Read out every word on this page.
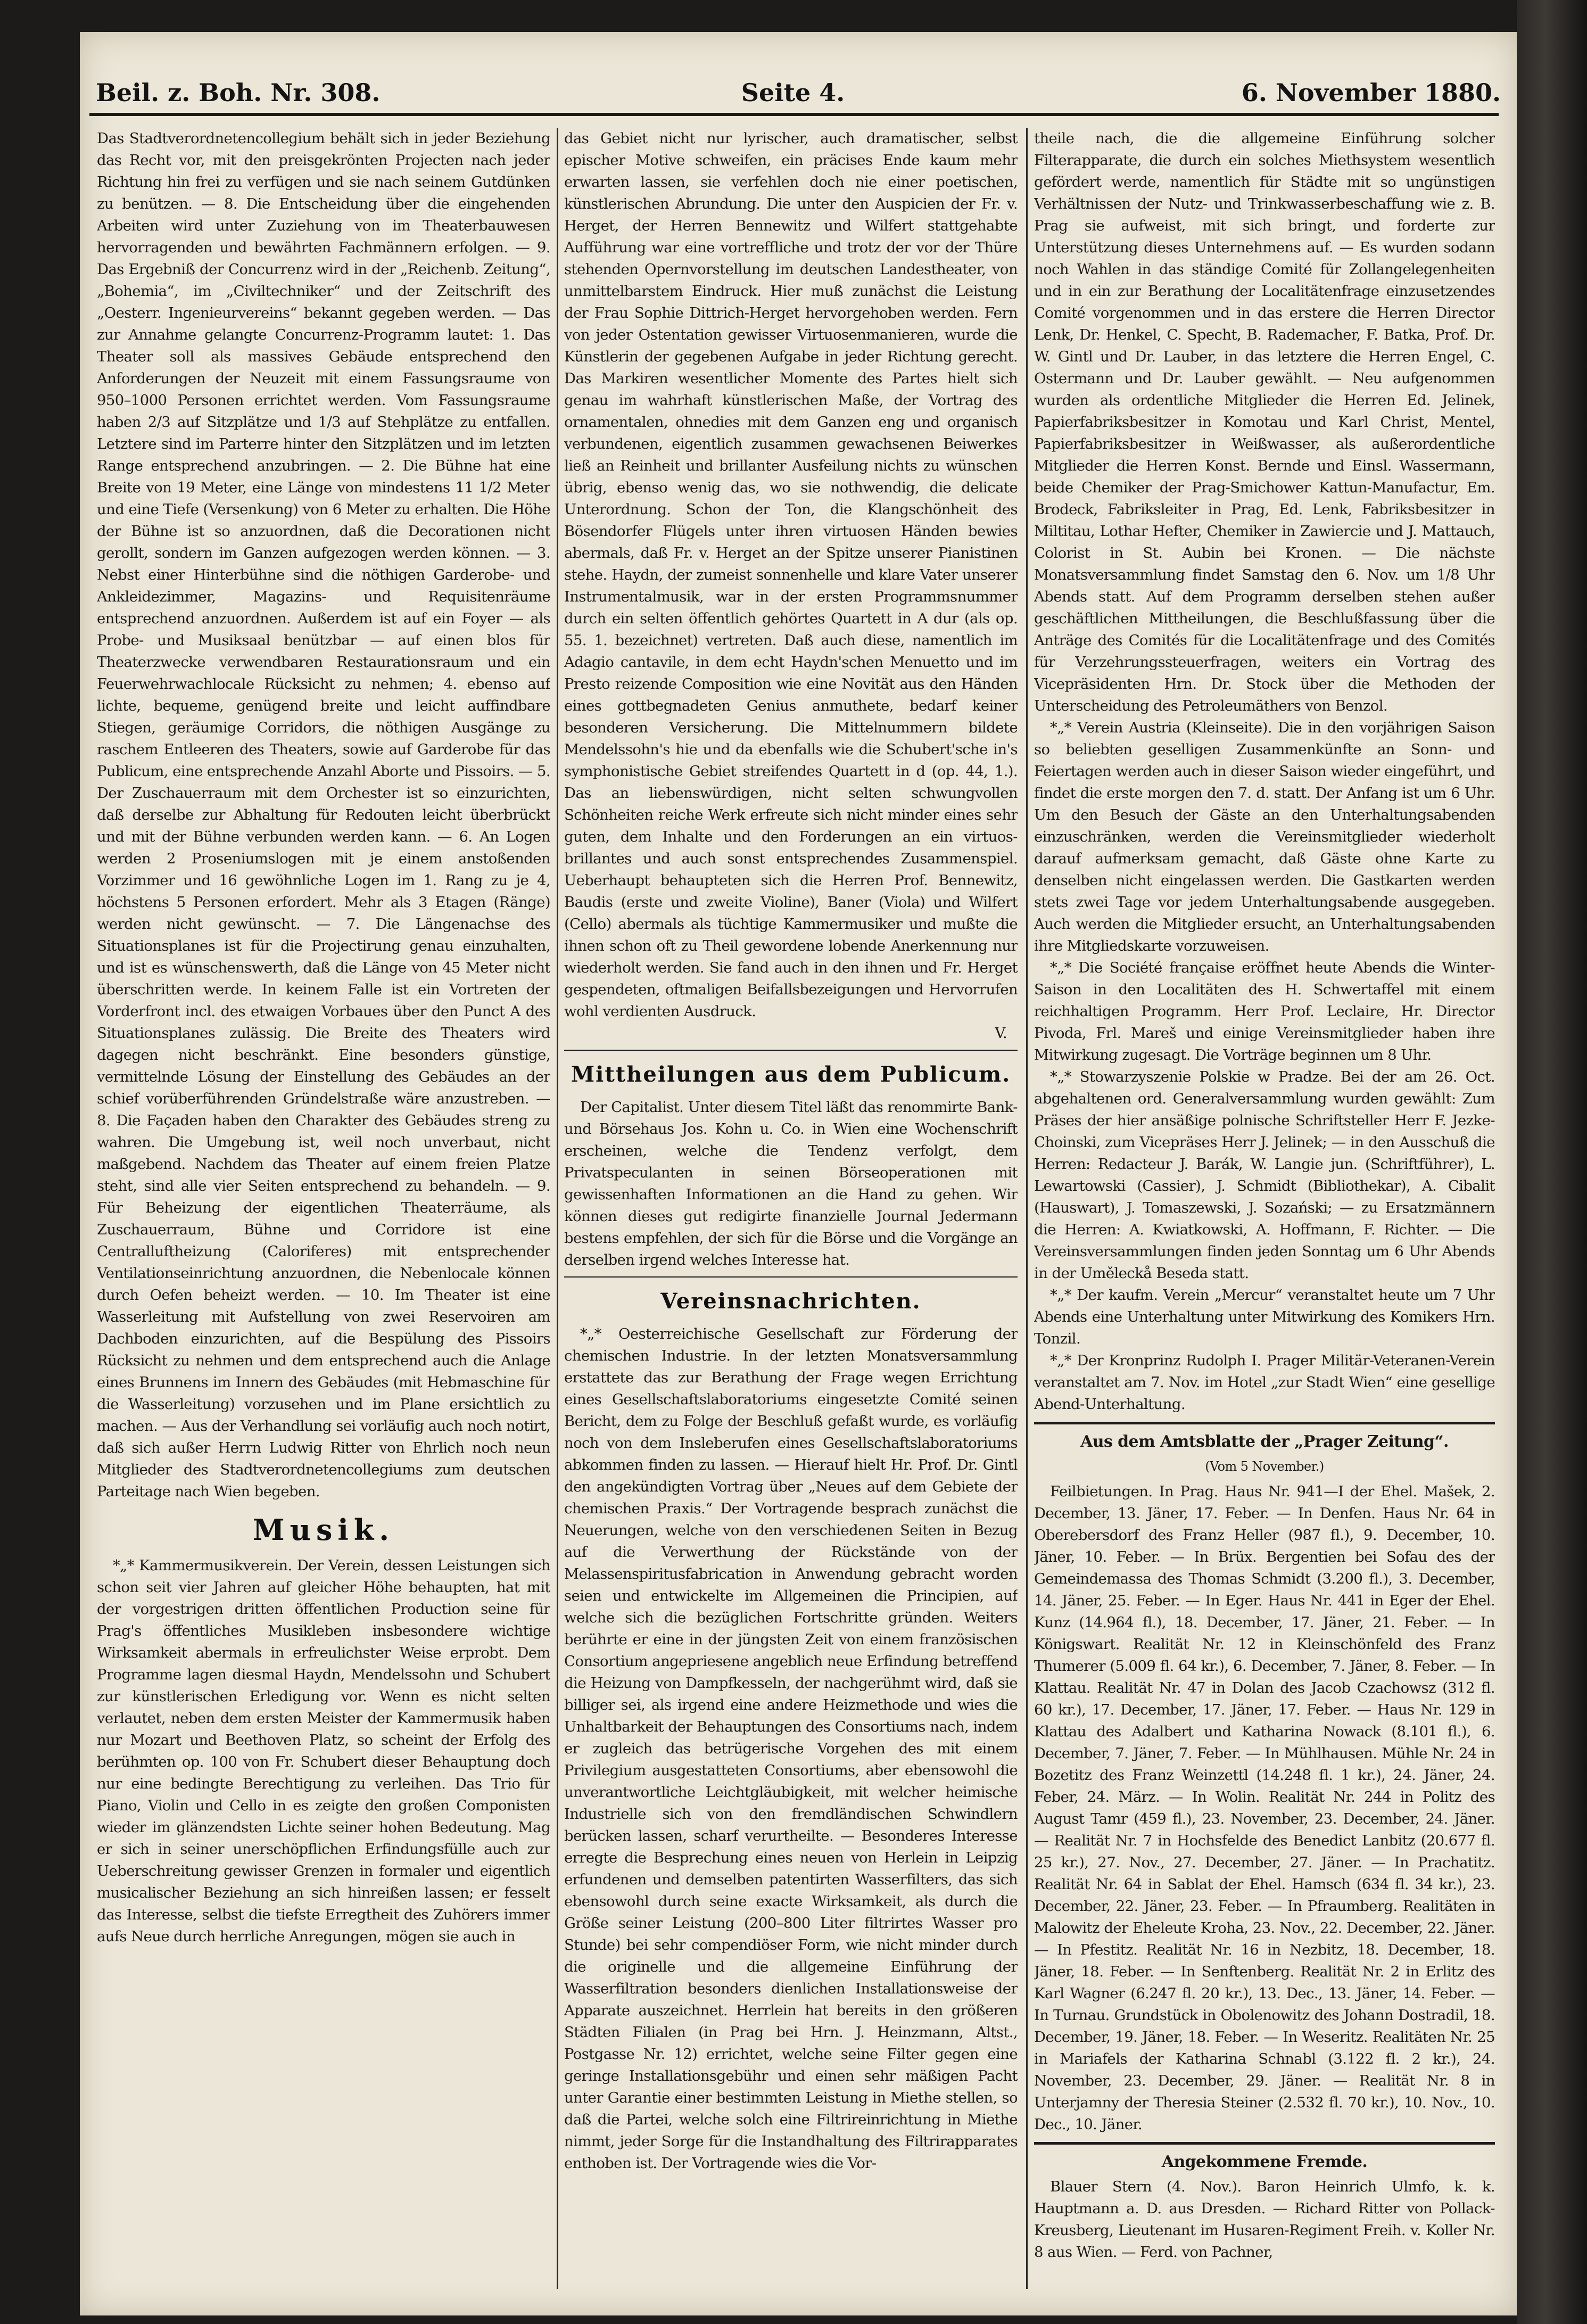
Beil. z. Boh. Nr. 308.	Seite 4.	6. November 1880.

Das Stadtverordnetencollegium behält sich in jeder Beziehung das Recht vor, mit den preisgekrönten Projecten nach jeder Richtung hin frei zu verfügen und sie nach seinem Gutdünken zu benützen. — 8. Die Entscheidung über die eingehenden Arbeiten wird unter Zuziehung von im Theaterbauwesen hervorragenden und bewährten Fachmännern erfolgen. — 9. Das Ergebniß der Concurrenz wird in der „Reichenb. Zeitung“, „Bohemia“, im „Civiltechniker“ und der Zeitschrift des „Oesterr. Ingenieurvereins“ bekannt gegeben werden. — Das zur Annahme gelangte Concurrenz-Programm lautet: 1. Das Theater soll als massives Gebäude entsprechend den Anforderungen der Neuzeit mit einem Fassungsraume von 950–1000 Personen errichtet werden. Vom Fassungsraume haben 2/3 auf Sitzplätze und 1/3 auf Stehplätze zu entfallen. Letztere sind im Parterre hinter den Sitzplätzen und im letzten Range entsprechend anzubringen. — 2. Die Bühne hat eine Breite von 19 Meter, eine Länge von mindestens 11 1/2 Meter und eine Tiefe (Versenkung) von 6 Meter zu erhalten. Die Höhe der Bühne ist so anzuordnen, daß die Decorationen nicht gerollt, sondern im Ganzen aufgezogen werden können. — 3. Nebst einer Hinterbühne sind die nöthigen Garderobe- und Ankleidezimmer, Magazins- und Requisitenräume entsprechend anzuordnen. Außerdem ist auf ein Foyer — als Probe- und Musiksaal benützbar — auf einen blos für Theaterzwecke verwendbaren Restaurationsraum und ein Feuerwehrwachlocale Rücksicht zu nehmen; 4. ebenso auf lichte, bequeme, genügend breite und leicht auffindbare Stiegen, geräumige Corridors, die nöthigen Ausgänge zu raschem Entleeren des Theaters, sowie auf Garderobe für das Publicum, eine entsprechende Anzahl Aborte und Pissoirs. — 5. Der Zuschauerraum mit dem Orchester ist so einzurichten, daß derselbe zur Abhaltung für Redouten leicht überbrückt und mit der Bühne verbunden werden kann. — 6. An Logen werden 2 Proseniumslogen mit je einem anstoßenden Vorzimmer und 16 gewöhnliche Logen im 1. Rang zu je 4, höchstens 5 Personen erfordert. Mehr als 3 Etagen (Ränge) werden nicht gewünscht. — 7. Die Längenachse des Situationsplanes ist für die Projectirung genau einzuhalten, und ist es wünschenswerth, daß die Länge von 45 Meter nicht überschritten werde. In keinem Falle ist ein Vortreten der Vorderfront incl. des etwaigen Vorbaues über den Punct A des Situationsplanes zulässig. Die Breite des Theaters wird dagegen nicht beschränkt. Eine besonders günstige, vermittelnde Lösung der Einstellung des Gebäudes an der schief vorüberführenden Gründelstraße wäre anzustreben. — 8. Die Façaden haben den Charakter des Gebäudes streng zu wahren. Die Umgebung ist, weil noch unverbaut, nicht maßgebend. Nachdem das Theater auf einem freien Platze steht, sind alle vier Seiten entsprechend zu behandeln. — 9. Für Beheizung der eigentlichen Theaterräume, als Zuschauerraum, Bühne und Corridore ist eine Centralluftheizung (Caloriferes) mit entsprechender Ventilationseinrichtung anzuordnen, die Nebenlocale können durch Oefen beheizt werden. — 10. Im Theater ist eine Wasserleitung mit Aufstellung von zwei Reservoiren am Dachboden einzurichten, auf die Bespülung des Pissoirs Rücksicht zu nehmen und dem entsprechend auch die Anlage eines Brunnens im Innern des Gebäudes (mit Hebmaschine für die Wasserleitung) vorzusehen und im Plane ersichtlich zu machen. — Aus der Verhandlung sei vorläufig auch noch notirt, daß sich außer Herrn Ludwig Ritter von Ehrlich noch neun Mitglieder des Stadtverordnetencollegiums zum deutschen Parteitage nach Wien begeben.

Musik.

*„* Kammermusikverein. Der Verein, dessen Leistungen sich schon seit vier Jahren auf gleicher Höhe behaupten, hat mit der vorgestrigen dritten öffentlichen Production seine für Prag's öffentliches Musikleben insbesondere wichtige Wirksamkeit abermals in erfreulichster Weise erprobt. Dem Programme lagen diesmal Haydn, Mendelssohn und Schubert zur künstlerischen Erledigung vor. Wenn es nicht selten verlautet, neben dem ersten Meister der Kammermusik haben nur Mozart und Beethoven Platz, so scheint der Erfolg des berühmten op. 100 von Fr. Schubert dieser Behauptung doch nur eine bedingte Berechtigung zu verleihen. Das Trio für Piano, Violin und Cello in es zeigte den großen Componisten wieder im glänzendsten Lichte seiner hohen Bedeutung. Mag er sich in seiner unerschöpflichen Erfindungsfülle auch zur Ueberschreitung gewisser Grenzen in formaler und eigentlich musicalischer Beziehung an sich hinreißen lassen; er fesselt das Interesse, selbst die tiefste Erregtheit des Zuhörers immer aufs Neue durch herrliche Anregungen, mögen sie auch in

das Gebiet nicht nur lyrischer, auch dramatischer, selbst epischer Motive schweifen, ein präcises Ende kaum mehr erwarten lassen, sie verfehlen doch nie einer poetischen, künstlerischen Abrundung. Die unter den Auspicien der Fr. v. Herget, der Herren Bennewitz und Wilfert stattgehabte Aufführung war eine vortreffliche und trotz der vor der Thüre stehenden Opernvorstellung im deutschen Landestheater, von unmittelbarstem Eindruck. Hier muß zunächst die Leistung der Frau Sophie Dittrich-Herget hervorgehoben werden. Fern von jeder Ostentation gewisser Virtuosenmanieren, wurde die Künstlerin der gegebenen Aufgabe in jeder Richtung gerecht. Das Markiren wesentlicher Momente des Partes hielt sich genau im wahrhaft künstlerischen Maße, der Vortrag des ornamentalen, ohnedies mit dem Ganzen eng und organisch verbundenen, eigentlich zusammen gewachsenen Beiwerkes ließ an Reinheit und brillanter Ausfeilung nichts zu wünschen übrig, ebenso wenig das, wo sie nothwendig, die delicate Unterordnung. Schon der Ton, die Klangschönheit des Bösendorfer Flügels unter ihren virtuosen Händen bewies abermals, daß Fr. v. Herget an der Spitze unserer Pianistinen stehe. Haydn, der zumeist sonnenhelle und klare Vater unserer Instrumentalmusik, war in der ersten Programmsnummer durch ein selten öffentlich gehörtes Quartett in A dur (als op. 55. 1. bezeichnet) vertreten. Daß auch diese, namentlich im Adagio cantavile, in dem echt Haydn'schen Menuetto und im Presto reizende Composition wie eine Novität aus den Händen eines gottbegnadeten Genius anmuthete, bedarf keiner besonderen Versicherung. Die Mittelnummern bildete Mendelssohn's hie und da ebenfalls wie die Schubert'sche in's symphonistische Gebiet streifendes Quartett in d (op. 44, 1.). Das an liebenswürdigen, nicht selten schwungvollen Schönheiten reiche Werk erfreute sich nicht minder eines sehr guten, dem Inhalte und den Forderungen an ein virtuos-brillantes und auch sonst entsprechendes Zusammenspiel. Ueberhaupt behaupteten sich die Herren Prof. Bennewitz, Baudis (erste und zweite Violine), Baner (Viola) und Wilfert (Cello) abermals als tüchtige Kammermusiker und mußte die ihnen schon oft zu Theil gewordene lobende Anerkennung nur wiederholt werden. Sie fand auch in den ihnen und Fr. Herget gespendeten, oftmaligen Beifallsbezeigungen und Hervorrufen wohl verdienten Ausdruck.

V.
Mittheilungen aus dem Publicum.

Der Capitalist. Unter diesem Titel läßt das renommirte Bank- und Börsehaus Jos. Kohn u. Co. in Wien eine Wochenschrift erscheinen, welche die Tendenz verfolgt, dem Privatspeculanten in seinen Börseoperationen mit gewissenhaften Informationen an die Hand zu gehen. Wir können dieses gut redigirte finanzielle Journal Jedermann bestens empfehlen, der sich für die Börse und die Vorgänge an derselben irgend welches Interesse hat.

Vereinsnachrichten.

*„* Oesterreichische Gesellschaft zur Förderung der chemischen Industrie. In der letzten Monatsversammlung erstattete das zur Berathung der Frage wegen Errichtung eines Gesellschaftslaboratoriums eingesetzte Comité seinen Bericht, dem zu Folge der Beschluß gefaßt wurde, es vorläufig noch von dem Insleberufen eines Gesellschaftslaboratoriums abkommen finden zu lassen. — Hierauf hielt Hr. Prof. Dr. Gintl den angekündigten Vortrag über „Neues auf dem Gebiete der chemischen Praxis.“ Der Vortragende besprach zunächst die Neuerungen, welche von den verschiedenen Seiten in Bezug auf die Verwerthung der Rückstände von der Melassenspiritusfabrication in Anwendung gebracht worden seien und entwickelte im Allgemeinen die Principien, auf welche sich die bezüglichen Fortschritte gründen. Weiters berührte er eine in der jüngsten Zeit von einem französischen Consortium angepriesene angeblich neue Erfindung betreffend die Heizung von Dampfkesseln, der nachgerühmt wird, daß sie billiger sei, als irgend eine andere Heizmethode und wies die Unhaltbarkeit der Behauptungen des Consortiums nach, indem er zugleich das betrügerische Vorgehen des mit einem Privilegium ausgestatteten Consortiums, aber ebensowohl die unverantwortliche Leichtgläubigkeit, mit welcher heimische Industrielle sich von den fremdländischen Schwindlern berücken lassen, scharf verurtheilte. — Besonderes Interesse erregte die Besprechung eines neuen von Herlein in Leipzig erfundenen und demselben patentirten Wasserfilters, das sich ebensowohl durch seine exacte Wirksamkeit, als durch die Größe seiner Leistung (200–800 Liter filtrirtes Wasser pro Stunde) bei sehr compendiöser Form, wie nicht minder durch die originelle und die allgemeine Einführung der Wasserfiltration besonders dienlichen Installationsweise der Apparate auszeichnet. Herrlein hat bereits in den größeren Städten Filialen (in Prag bei Hrn. J. Heinzmann, Altst., Postgasse Nr. 12) errichtet, welche seine Filter gegen eine geringe Installationsgebühr und einen sehr mäßigen Pacht unter Garantie einer bestimmten Leistung in Miethe stellen, so daß die Partei, welche solch eine Filtrireinrichtung in Miethe nimmt, jeder Sorge für die Instandhaltung des Filtrirapparates enthoben ist. Der Vortragende wies die Vor-

theile nach, die die allgemeine Einführung solcher Filterapparate, die durch ein solches Miethsystem wesentlich gefördert werde, namentlich für Städte mit so ungünstigen Verhältnissen der Nutz- und Trinkwasserbeschaffung wie z. B. Prag sie aufweist, mit sich bringt, und forderte zur Unterstützung dieses Unternehmens auf. — Es wurden sodann noch Wahlen in das ständige Comité für Zollangelegenheiten und in ein zur Berathung der Localitätenfrage einzusetzendes Comité vorgenommen und in das erstere die Herren Director Lenk, Dr. Henkel, C. Specht, B. Rademacher, F. Batka, Prof. Dr. W. Gintl und Dr. Lauber, in das letztere die Herren Engel, C. Ostermann und Dr. Lauber gewählt. — Neu aufgenommen wurden als ordentliche Mitglieder die Herren Ed. Jelinek, Papierfabriksbesitzer in Komotau und Karl Christ, Mentel, Papierfabriksbesitzer in Weißwasser, als außerordentliche Mitglieder die Herren Konst. Bernde und Einsl. Wassermann, beide Chemiker der Prag-Smichower Kattun-Manufactur, Em. Brodeck, Fabriksleiter in Prag, Ed. Lenk, Fabriksbesitzer in Miltitau, Lothar Hefter, Chemiker in Zawiercie und J. Mattauch, Colorist in St. Aubin bei Kronen. — Die nächste Monatsversammlung findet Samstag den 6. Nov. um 1/8 Uhr Abends statt. Auf dem Programm derselben stehen außer geschäftlichen Mittheilungen, die Beschlußfassung über die Anträge des Comités für die Localitätenfrage und des Comités für Verzehrungssteuerfragen, weiters ein Vortrag des Vicepräsidenten Hrn. Dr. Stock über die Methoden der Unterscheidung des Petroleumäthers von Benzol.

*„* Verein Austria (Kleinseite). Die in den vorjährigen Saison so beliebten geselligen Zusammenkünfte an Sonn- und Feiertagen werden auch in dieser Saison wieder eingeführt, und findet die erste morgen den 7. d. statt. Der Anfang ist um 6 Uhr. Um den Besuch der Gäste an den Unterhaltungsabenden einzuschränken, werden die Vereinsmitglieder wiederholt darauf aufmerksam gemacht, daß Gäste ohne Karte zu denselben nicht eingelassen werden. Die Gastkarten werden stets zwei Tage vor jedem Unterhaltungsabende ausgegeben. Auch werden die Mitglieder ersucht, an Unterhaltungsabenden ihre Mitgliedskarte vorzuweisen.

*„* Die Société française eröffnet heute Abends die Winter-Saison in den Localitäten des H. Schwertaffel mit einem reichhaltigen Programm. Herr Prof. Leclaire, Hr. Director Pivoda, Frl. Mareš und einige Vereinsmitglieder haben ihre Mitwirkung zugesagt. Die Vorträge beginnen um 8 Uhr.

*„* Stowarzyszenie Polskie w Pradze. Bei der am 26. Oct. abgehaltenen ord. Generalversammlung wurden gewählt: Zum Präses der hier ansäßige polnische Schriftsteller Herr F. Jezke-Choinski, zum Vicepräses Herr J. Jelinek; — in den Ausschuß die Herren: Redacteur J. Barák, W. Langie jun. (Schriftführer), L. Lewartowski (Cassier), J. Schmidt (Bibliothekar), A. Cibalit (Hauswart), J. Tomaszewski, J. Sozański; — zu Ersatzmännern die Herren: A. Kwiatkowski, A. Hoffmann, F. Richter. — Die Vereinsversammlungen finden jeden Sonntag um 6 Uhr Abends in der Uměleckå Beseda statt.

*„* Der kaufm. Verein „Mercur“ veranstaltet heute um 7 Uhr Abends eine Unterhaltung unter Mitwirkung des Komikers Hrn. Tonzil.

*„* Der Kronprinz Rudolph I. Prager Militär-Veteranen-Verein veranstaltet am 7. Nov. im Hotel „zur Stadt Wien“ eine gesellige Abend-Unterhaltung.

Aus dem Amtsblatte der „Prager Zeitung“.
(Vom 5 November.)

Feilbietungen. In Prag. Haus Nr. 941—I der Ehel. Mašek, 2. December, 13. Jäner, 17. Feber. — In Denfen. Haus Nr. 64 in Oberebersdorf des Franz Heller (987 fl.), 9. December, 10. Jäner, 10. Feber. — In Brüx. Bergentien bei Sofau des der Gemeindemassa des Thomas Schmidt (3.200 fl.), 3. December, 14. Jäner, 25. Feber. — In Eger. Haus Nr. 441 in Eger der Ehel. Kunz (14.964 fl.), 18. December, 17. Jäner, 21. Feber. — In Königswart. Realität Nr. 12 in Kleinschönfeld des Franz Thumerer (5.009 fl. 64 kr.), 6. December, 7. Jäner, 8. Feber. — In Klattau. Realität Nr. 47 in Dolan des Jacob Czachowsz (312 fl. 60 kr.), 17. December, 17. Jäner, 17. Feber. — Haus Nr. 129 in Klattau des Adalbert und Katharina Nowack (8.101 fl.), 6. December, 7. Jäner, 7. Feber. — In Mühlhausen. Mühle Nr. 24 in Bozetitz des Franz Weinzettl (14.248 fl. 1 kr.), 24. Jäner, 24. Feber, 24. März. — In Wolin. Realität Nr. 244 in Politz des August Tamr (459 fl.), 23. November, 23. December, 24. Jäner. — Realität Nr. 7 in Hochsfelde des Benedict Lanbitz (20.677 fl. 25 kr.), 27. Nov., 27. December, 27. Jäner. — In Prachatitz. Realität Nr. 64 in Sablat der Ehel. Hamsch (634 fl. 34 kr.), 23. December, 22. Jäner, 23. Feber. — In Pfraumberg. Realitäten in Malowitz der Eheleute Kroha, 23. Nov., 22. December, 22. Jäner. — In Pfestitz. Realität Nr. 16 in Nezbitz, 18. December, 18. Jäner, 18. Feber. — In Senftenberg. Realität Nr. 2 in Erlitz des Karl Wagner (6.247 fl. 20 kr.), 13. Dec., 13. Jäner, 14. Feber. — In Turnau. Grundstück in Obolenowitz des Johann Dostradil, 18. December, 19. Jäner, 18. Feber. — In Weseritz. Realitäten Nr. 25 in Mariafels der Katharina Schnabl (3.122 fl. 2 kr.), 24. November, 23. December, 29. Jäner. — Realität Nr. 8 in Unterjamny der Theresia Steiner (2.532 fl. 70 kr.), 10. Nov., 10. Dec., 10. Jäner.

Angekommene Fremde.

Blauer Stern (4. Nov.). Baron Heinrich Ulmfo, k. k. Hauptmann a. D. aus Dresden. — Richard Ritter von Pollack-Kreusberg, Lieutenant im Husaren-Regiment Freih. v. Koller Nr. 8 aus Wien. — Ferd. von Pachner,
